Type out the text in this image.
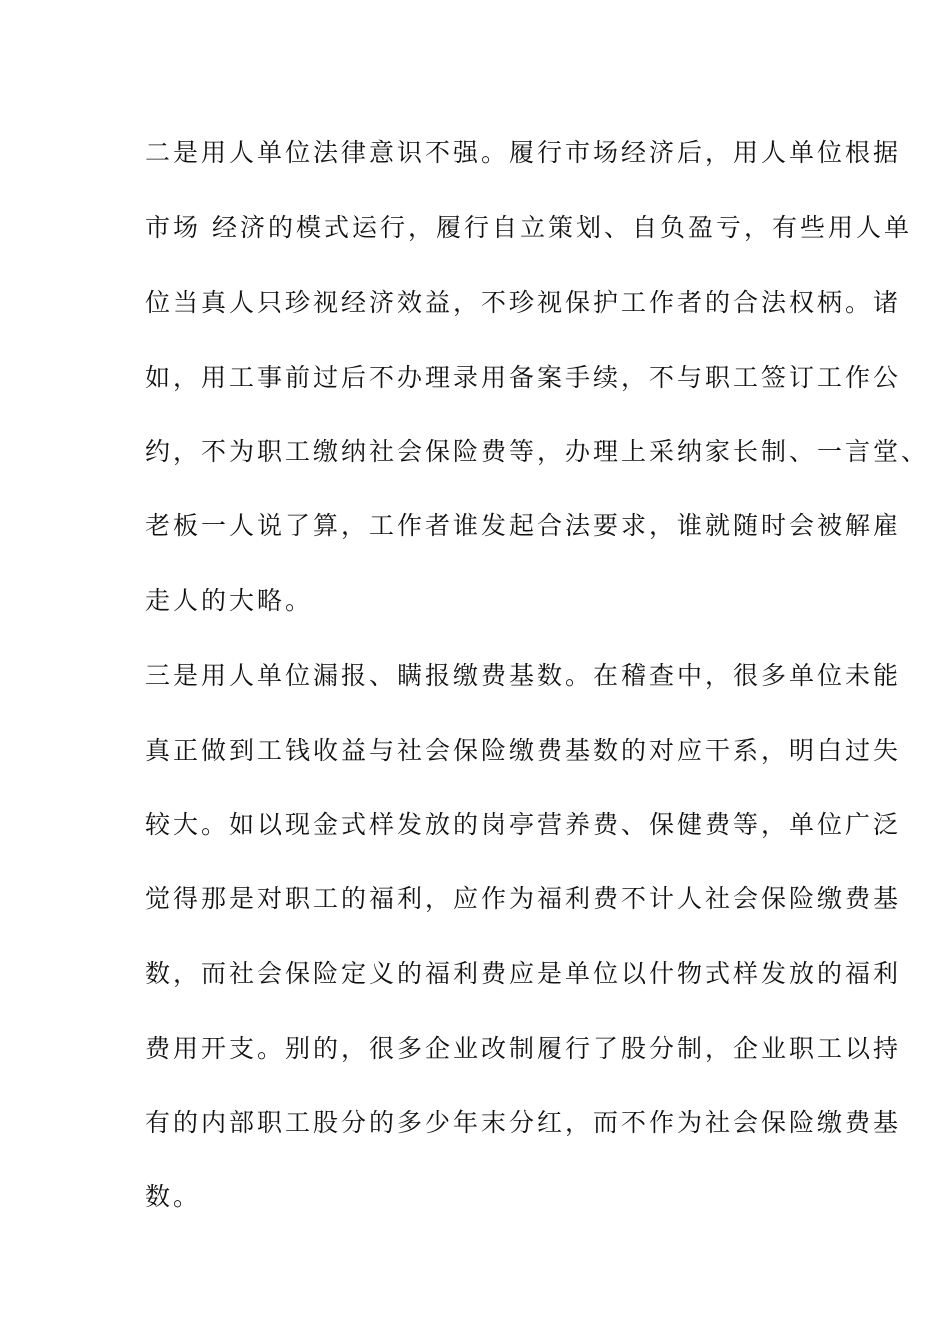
二是用人单位法律意识不强。履行市场经济后，用人单位根据

市场 经济的模式运行，履行自立策划、自负盈亏，有些用人单

位当真人只珍视经济效益，不珍视保护工作者的合法权柄。诸

如，用工事前过后不办理录用备案手续，不与职工签订工作公

约，不为职工缴纳社会保险费等，办理上采纳家长制、一言堂、

老板一人说了算，工作者谁发起合法要求，谁就随时会被解雇

走人的大略。

三是用人单位漏报、瞒报缴费基数。在稽查中，很多单位未能

真正做到工钱收益与社会保险缴费基数的对应干系，明白过失

较大。如以现金式样发放的岗亭营养费、保健费等，单位广泛

觉得那是对职工的福利，应作为福利费不计人社会保险缴费基

数，而社会保险定义的福利费应是单位以什物式样发放的福利

费用开支。别的，很多企业改制履行了股分制，企业职工以持

有的内部职工股分的多少年末分红，而不作为社会保险缴费基

数。
